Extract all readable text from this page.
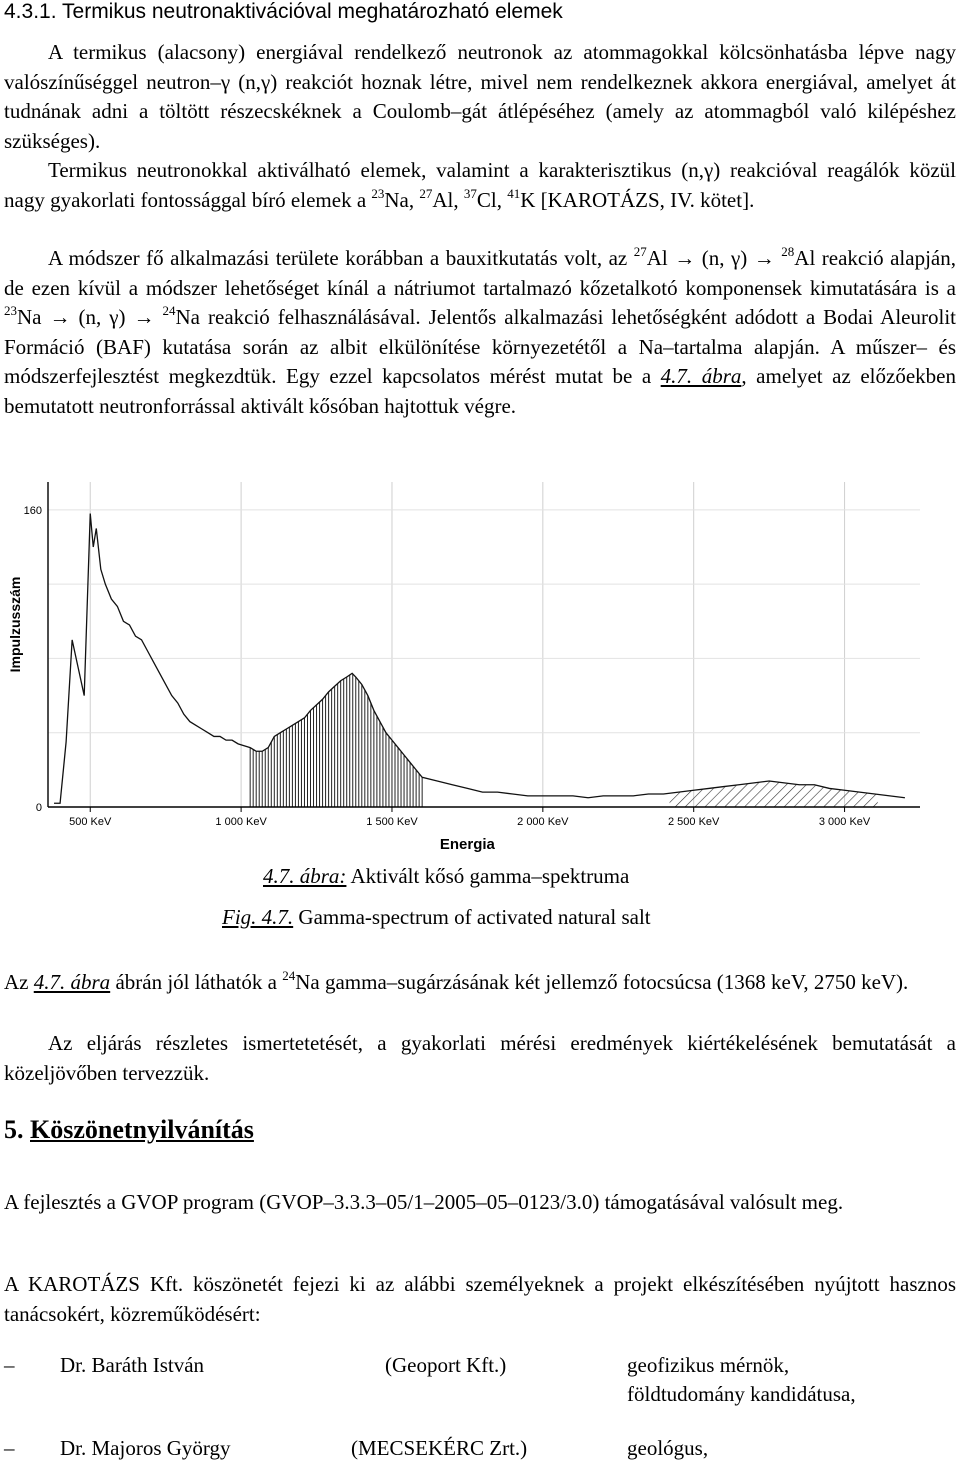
4.3.1. Termikus neutronaktivációval meghatározható elemek
A termikus (alacsony) energiával rendelkező neutronok az atommagokkal kölcsönhatásba lépve nagy valószínűséggel neutron–γ (n,γ) reakciót hoznak létre, mivel nem rendelkeznek akkora energiával, amelyet át tudnának adni a töltött részecskéknek a Coulomb–gát átlépéséhez (amely az atommagból való kilépéshez szükséges).
Termikus neutronokkal aktiválható elemek, valamint a karakterisztikus (n,γ) reakcióval reagálók közül nagy gyakorlati fontossággal bíró elemek a $^{23}$Na, $^{27}$Al, $^{37}$Cl, $^{41}$K [KAROTÁZS, IV. kötet].
A módszer fő alkalmazási területe korábban a bauxitkutatás volt, az $^{27}$Al → (n, γ) → $^{28}$Al reakció alapján, de ezen kívül a módszer lehetőséget kínál a nátriumot tartalmazó kőzetalkotó komponensek kimutatására is a $^{23}$Na → (n, γ) → $^{24}$Na reakció felhasználásával. Jelentős alkalmazási lehetőségként adódott a Bodai Aleurolit Formáció (BAF) kutatása során az albit elkülönítése környezetétől a Na–tartalma alapján. A műszer– és módszerfejlesztést megkezdtük. Egy ezzel kapcsolatos mérést mutat be a 4.7. ábra, amelyet az előzőekben bemutatott neutronforrással aktivált kősóban hajtottuk végre.
500 KeV	1 000 KeV	1 500 KeV	2 000 KeV	2 500 KeV	3 000 KeV
0
160
Energia
Impulzusszám
4.7. ábra: Aktivált kősó gamma–spektruma
Fig. 4.7. Gamma-spectrum of activated natural salt
Az 4.7. ábra ábrán jól láthatók a $^{24}$Na gamma–sugárzásának két jellemző fotocsúcsa (1368 keV, 2750 keV).
Az eljárás részletes ismertetetését, a gyakorlati mérési eredmények kiértékelésének bemutatását a közeljövőben tervezzük.
5. Köszönetnyilvánítás
A fejlesztés a GVOP program (GVOP–3.3.3–05/1–2005–05–0123/3.0) támogatásával valósult meg.
A KAROTÁZS Kft. köszönetét fejezi ki az alábbi személyeknek a projekt elkészítésében nyújtott hasznos tanácsokért, közreműködésért:
– Dr. Baráth István	(Geoport Kft.)	geofizikus mérnök,
földtudomány kandidátusa,
– Dr. Majoros György	(MECSEKÉRC Zrt.)	geológus,
